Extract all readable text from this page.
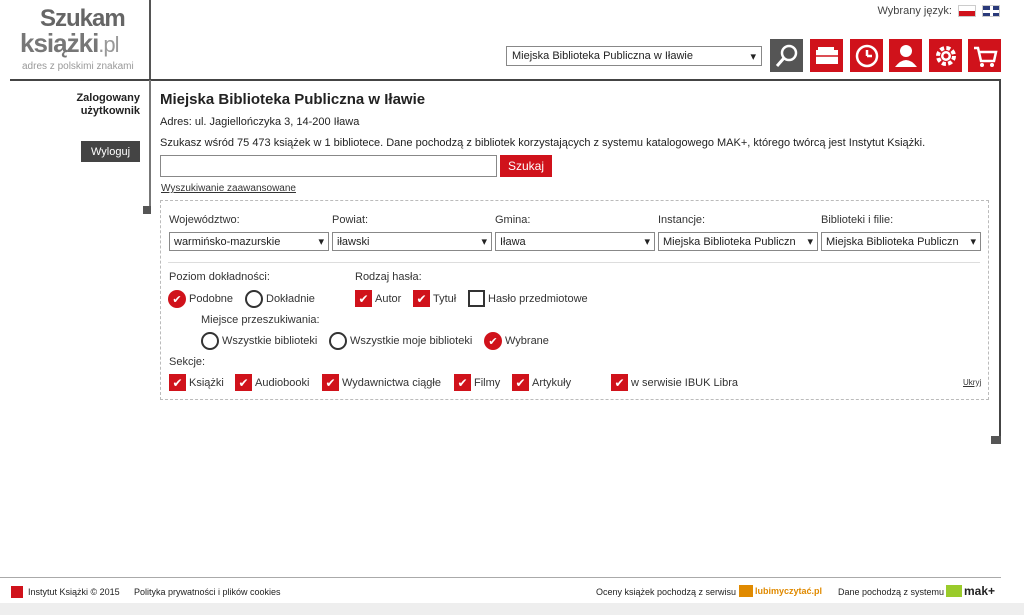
Szukam
książki.pl
adres z polskimi znakami
Wybrany język:
Miejska Biblioteka Publiczna w Iławie	▾
Zalogowany
użytkownik
Wyloguj
Miejska Biblioteka Publiczna w Iławie
Adres: ul. Jagiellończyka 3, 14-200 Iława
Szukasz wśród 75 473 książek w 1 bibliotece. Dane pochodzą z bibliotek korzystających z systemu katalogowego MAK+, którego twórcą jest Instytut Książki.
Szukaj
Wyszukiwanie zaawansowane
Województwo:
warmińsko-mazurskie	▾
Powiat:
iławski	▾
Gmina:
Iława	▾
Instancje:
Miejska Biblioteka Publiczn ▾
Biblioteki i filie:
Miejska Biblioteka Publiczn ▾
Poziom dokładności:
✔ Podobne	Dokładnie
Rodzaj hasła:
✔ Autor ✔ Tytuł	Hasło przedmiotowe
Miejsce przeszukiwania:
Wszystkie biblioteki	Wszystkie moje biblioteki	✔ Wybrane
Sekcje:
✔ Książki ✔ Audiobooki ✔ Wydawnictwa ciągłe ✔ Filmy ✔ Artykuły	✔ w serwisie IBUK Libra	Ukryj
Instytut Książki © 2015 Polityka prywatności i plików cookies	Oceny książek pochodzą z serwisu	Dane pochodzą z systemu
lubimyczytać.pl	mak+
